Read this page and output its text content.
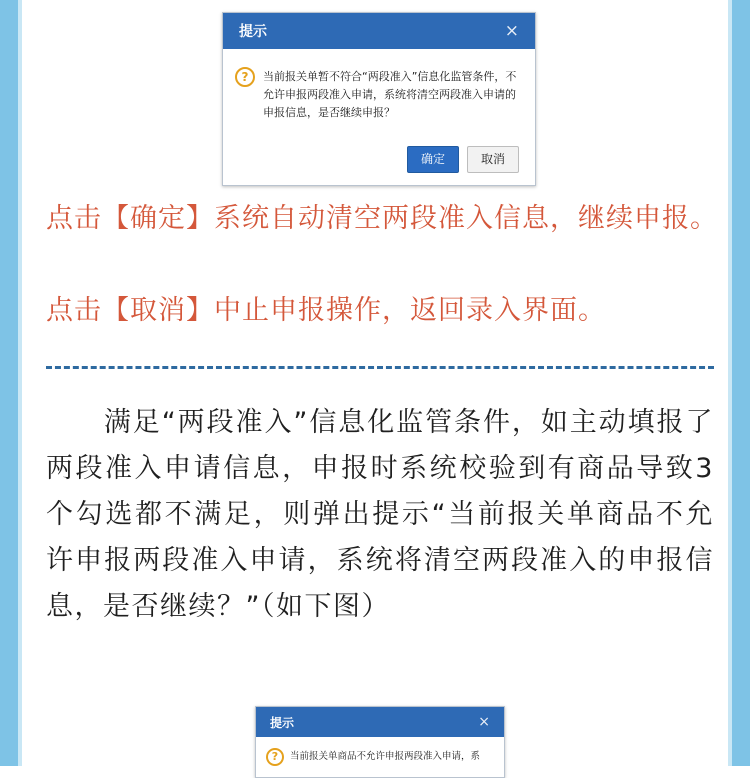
提示	×
?	当前报关单暂不符合“两段准入”信息化监管条件，不允许申报两段准入申请，系统将清空两段准入申请的申报信息，是否继续申报？
确定	取消
点击【确定】系统自动清空两段准入信息，继续申报。
点击【取消】中止申报操作，返回录入界面。
　　满足“两段准入”信息化监管条件，如主动填报了两段准入申请信息，申报时系统校验到有商品导致3个勾选都不满足，则弹出提示“当前报关单商品不允许申报两段准入申请，系统将清空两段准入的申报信息，是否继续？”（如下图）
提示	×
?	当前报关单商品不允许申报两段准入申请，系
